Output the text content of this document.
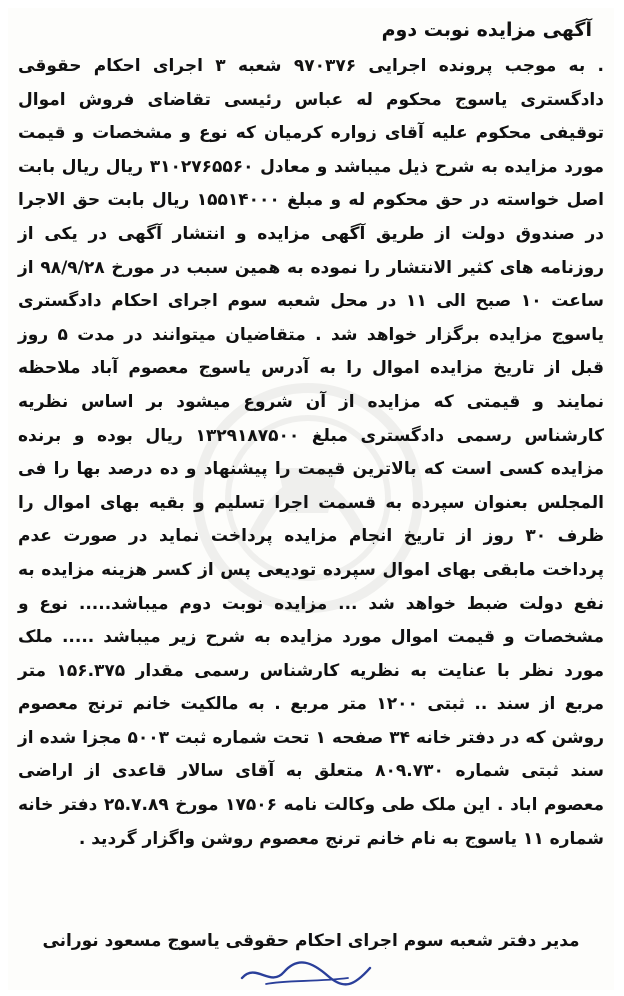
آگهی مزایده نوبت دوم

. به موجب پرونده اجرایی ۹۷۰۳۷۶ شعبه ۳ اجرای احکام حقوقی دادگستری یاسوج محکوم له عباس رئیسی تقاضای فروش اموال توقیفی محکوم علیه آقای زواره کرمیان که نوع و مشخصات و قیمت مورد مزایده به شرح ذیل میباشد و معادل ۳۱۰۲۷۶۵۵۶۰ ریال ریال بابت اصل خواسته در حق محکوم له و مبلغ ۱۵۵۱۴۰۰۰ ریال بابت حق الاجرا در صندوق دولت از طریق آگهی مزایده و انتشار آگهی در یکی از روزنامه های کثیر الانتشار را نموده به همین سبب در مورخ ۹۸/۹/۲۸ از ساعت ۱۰ صبح الی ۱۱ در محل شعبه سوم اجرای احکام دادگستری یاسوج مزایده برگزار خواهد شد . متقاضیان میتوانند در مدت ۵ روز قبل از تاریخ مزایده اموال را به آدرس یاسوج معصوم آباد ملاحظه نمایند و قیمتی که مزایده از آن شروع میشود بر اساس نظریه کارشناس رسمی دادگستری مبلغ ۱۳۲۹۱۸۷۵۰۰ ریال بوده و برنده مزایده کسی است که بالاترین قیمت را پیشنهاد و ده درصد بها را فی المجلس بعنوان سپرده به قسمت اجرا تسلیم و بقیه بهای اموال را ظرف ۳۰ روز از تاریخ انجام مزایده پرداخت نماید در صورت عدم پرداخت مابقی بهای اموال سپرده تودیعی پس از کسر هزینه مزایده به نفع دولت ضبط خواهد شد ... مزایده نوبت دوم میباشد..... نوع و مشخصات و قیمت اموال مورد مزایده به شرح زیر میباشد ..... ملک مورد نظر با عنایت به نظریه کارشناس رسمی مقدار ۱۵۶.۳۷۵ متر مربع از سند .. ثبتی ۱۲۰۰ متر مربع . به مالکیت خانم ترنج معصوم روشن که در دفتر خانه ۳۴ صفحه ۱ تحت شماره ثبت ۵۰۰۳ مجزا شده از سند ثبتی شماره ۸۰۹.۷۳۰ متعلق به آقای سالار قاعدی از اراضی معصوم اباد . این ملک طی وکالت نامه ۱۷۵۰۶ مورخ ۲۵.۷.۸۹ دفتر خانه شماره ۱۱ یاسوج به نام خانم ترنج معصوم روشن واگزار گردید .

مدیر دفتر شعبه سوم اجرای احکام حقوقی یاسوج مسعود نورانی
